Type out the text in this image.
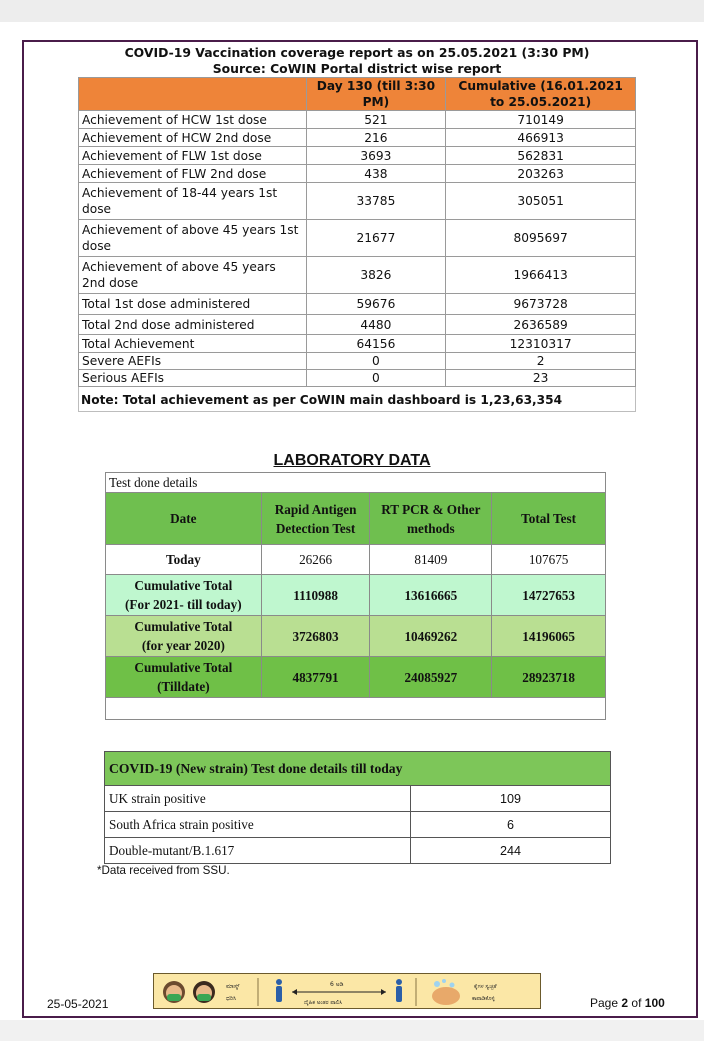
COVID-19 Vaccination coverage report as on 25.05.2021 (3:30 PM)
Source: CoWIN Portal district wise report
	Day 130 (till 3:30 PM)	Cumulative (16.01.2021 to 25.05.2021)
Achievement of HCW 1st dose	521	710149
Achievement of HCW 2nd dose	216	466913
Achievement of FLW 1st dose	3693	562831
Achievement of FLW 2nd dose	438	203263
Achievement of 18-44 years 1st dose	33785	305051
Achievement of above 45 years 1st dose	21677	8095697
Achievement of above 45 years 2nd dose	3826	1966413
Total 1st dose administered	59676	9673728
Total 2nd dose administered	4480	2636589
Total Achievement	64156	12310317
Severe AEFIs	0	2
Serious AEFIs	0	23
Note: Total achievement as per CoWIN main dashboard is 1,23,63,354
LABORATORY DATA
Test done details			
Date	Rapid Antigen Detection Test	RT PCR & Other methods	Total Test
Today	26266	81409	107675

Cumulative Total
(For 2021- till today)	1110988	13616665	14727653

Cumulative Total
(for year 2020)	3726803	10469262	14196065

Cumulative Total
(Tilldate)	4837791	24085927	28923718

COVID-19 (New strain) Test done details till today	
UK strain positive	109
South Africa strain positive	6
Double-mutant/B.1.617	244
*Data received from SSU.
25-05-2021
ಮಾಸ್ಕ್
ಧರಿಸಿ
6 ಅಡಿ
ದೈಹಿಕ ಅಂತರ ಪಾಲಿಸಿ
ಕೈಗಳ ಸ್ವಚ್ಛತೆ
ಕಾಪಾಡಿಕೊಳ್ಳಿ	Page 2 of 100
